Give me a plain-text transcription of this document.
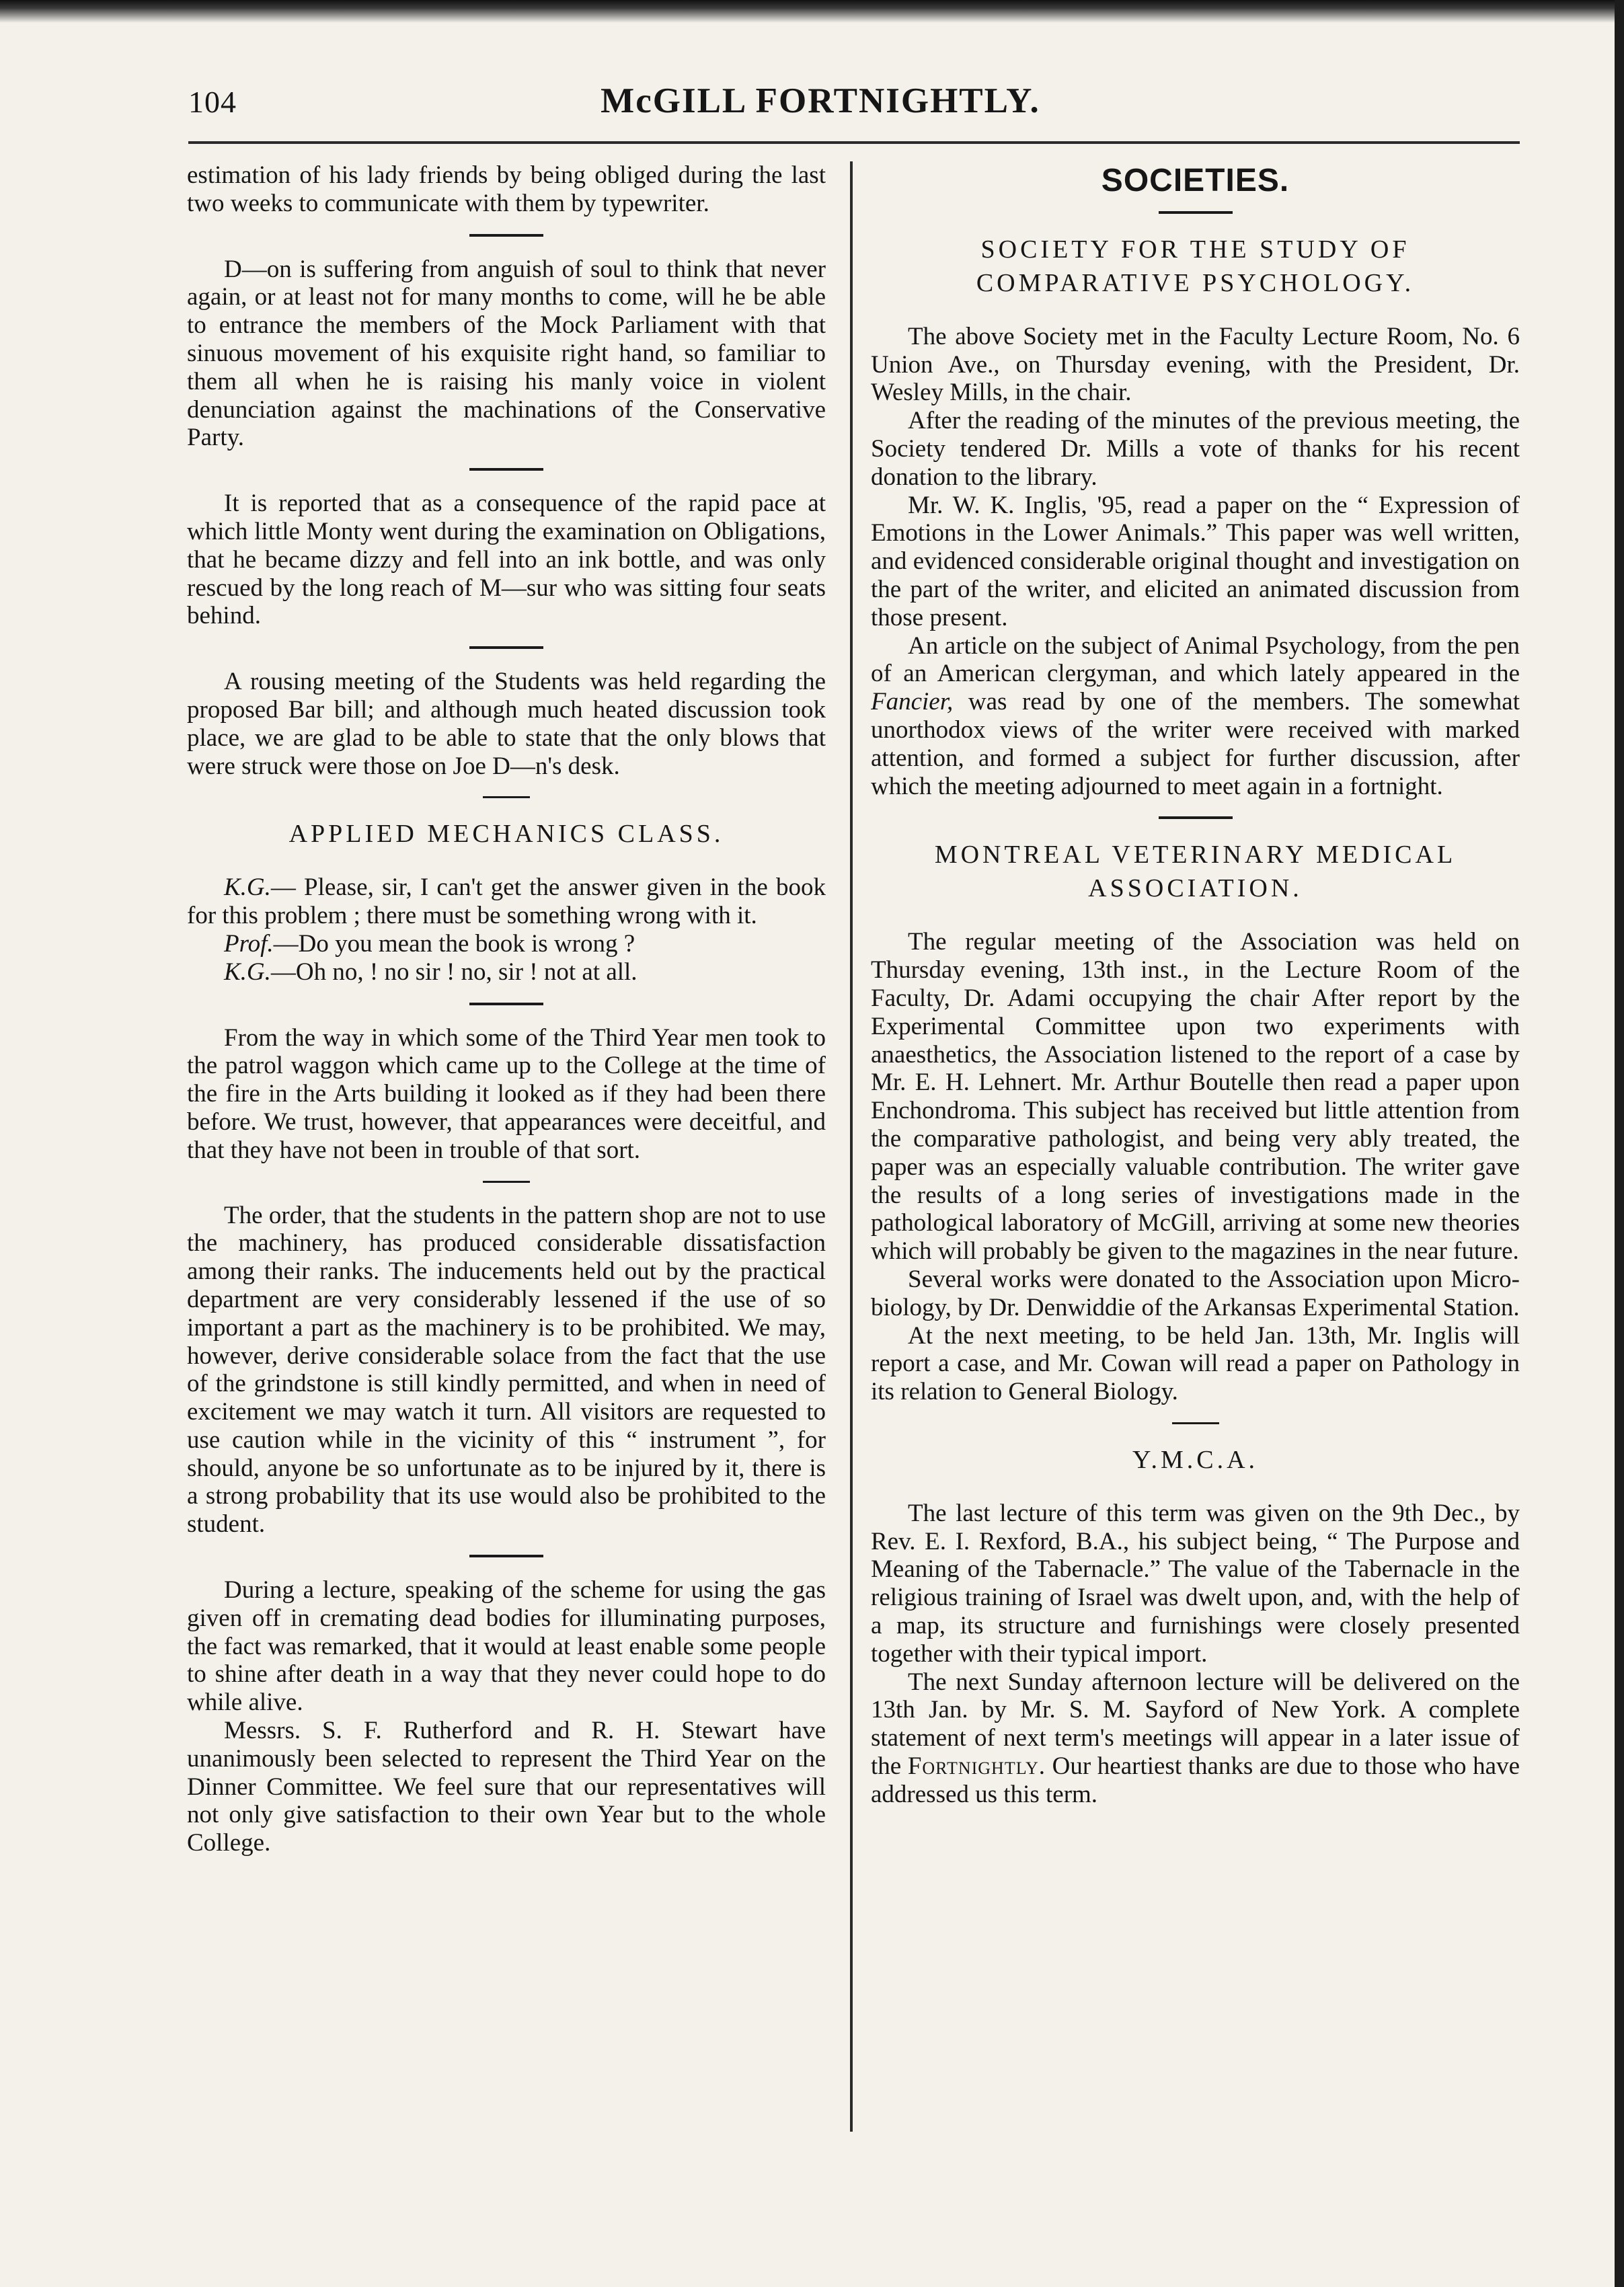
104	McGILL FORTNIGHTLY.

estimation of his lady friends by being obliged during the last two weeks to communicate with them by typewriter.

D—on is suffering from anguish of soul to think that never again, or at least not for many months to come, will he be able to entrance the members of the Mock Parliament with that sinuous movement of his exquisite right hand, so familiar to them all when he is raising his manly voice in violent denunciation against the machinations of the Conservative Party.

It is reported that as a consequence of the rapid pace at which little Monty went during the examination on Obligations, that he became dizzy and fell into an ink bottle, and was only rescued by the long reach of M—sur who was sitting four seats behind.

A rousing meeting of the Students was held regarding the proposed Bar bill; and although much heated discussion took place, we are glad to be able to state that the only blows that were struck were those on Joe D—n's desk.

APPLIED MECHANICS CLASS.

K.G.— Please, sir, I can't get the answer given in the book for this problem ; there must be something wrong with it.

Prof.—Do you mean the book is wrong ?

K.G.—Oh no, ! no sir ! no, sir ! not at all.

From the way in which some of the Third Year men took to the patrol waggon which came up to the College at the time of the fire in the Arts building it looked as if they had been there before. We trust, however, that appearances were deceitful, and that they have not been in trouble of that sort.

The order, that the students in the pattern shop are not to use the machinery, has produced considerable dissatisfaction among their ranks. The inducements held out by the practical department are very considerably lessened if the use of so important a part as the machinery is to be prohibited. We may, however, derive considerable solace from the fact that the use of the grindstone is still kindly permitted, and when in need of excitement we may watch it turn. All visitors are requested to use caution while in the vicinity of this “ instrument ”, for should, anyone be so unfortunate as to be injured by it, there is a strong probability that its use would also be prohibited to the student.

During a lecture, speaking of the scheme for using the gas given off in cremating dead bodies for illuminating purposes, the fact was remarked, that it would at least enable some people to shine after death in a way that they never could hope to do while alive.

Messrs. S. F. Rutherford and R. H. Stewart have unanimously been selected to represent the Third Year on the Dinner Committee. We feel sure that our representatives will not only give satisfaction to their own Year but to the whole College.

SOCIETIES.
SOCIETY FOR THE STUDY OF COMPARATIVE PSYCHOLOGY.

The above Society met in the Faculty Lecture Room, No. 6 Union Ave., on Thursday evening, with the President, Dr. Wesley Mills, in the chair.

After the reading of the minutes of the previous meeting, the Society tendered Dr. Mills a vote of thanks for his recent donation to the library.

Mr. W. K. Inglis, '95, read a paper on the “ Expression of Emotions in the Lower Animals.” This paper was well written, and evidenced considerable original thought and investigation on the part of the writer, and elicited an animated discussion from those present.

An article on the subject of Animal Psychology, from the pen of an American clergyman, and which lately appeared in the Fancier, was read by one of the members. The somewhat unorthodox views of the writer were received with marked attention, and formed a subject for further discussion, after which the meeting adjourned to meet again in a fortnight.

MONTREAL VETERINARY MEDICAL ASSOCIATION.

The regular meeting of the Association was held on Thursday evening, 13th inst., in the Lecture Room of the Faculty, Dr. Adami occupying the chair After report by the Experimental Committee upon two experiments with anaesthetics, the Association listened to the report of a case by Mr. E. H. Lehnert. Mr. Arthur Boutelle then read a paper upon Enchondroma. This subject has received but little attention from the comparative pathologist, and being very ably treated, the paper was an especially valuable contribution. The writer gave the results of a long series of investigations made in the pathological laboratory of McGill, arriving at some new theories which will probably be given to the magazines in the near future.

Several works were donated to the Association upon Micro-biology, by Dr. Denwiddie of the Arkansas Experimental Station.

At the next meeting, to be held Jan. 13th, Mr. Inglis will report a case, and Mr. Cowan will read a paper on Pathology in its relation to General Biology.

Y.M.C.A.

The last lecture of this term was given on the 9th Dec., by Rev. E. I. Rexford, B.A., his subject being, “ The Purpose and Meaning of the Tabernacle.” The value of the Tabernacle in the religious training of Israel was dwelt upon, and, with the help of a map, its structure and furnishings were closely presented together with their typical import.

The next Sunday afternoon lecture will be delivered on the 13th Jan. by Mr. S. M. Sayford of New York. A complete statement of next term's meetings will appear in a later issue of the Fortnightly. Our heartiest thanks are due to those who have addressed us this term.
